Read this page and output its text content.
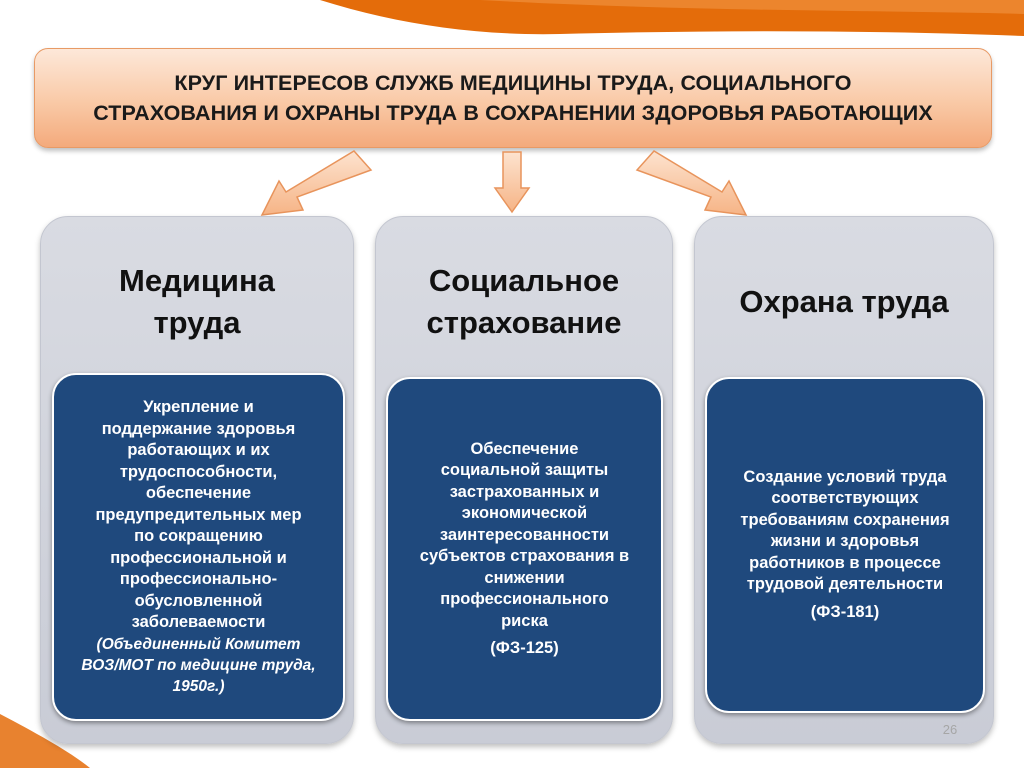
КРУГ ИНТЕРЕСОВ СЛУЖБ МЕДИЦИНЫ ТРУДА, СОЦИАЛЬНОГО
СТРАХОВАНИЯ И ОХРАНЫ ТРУДА В СОХРАНЕНИИ ЗДОРОВЬЯ РАБОТАЮЩИХ
Медицина
труда
Укрепление и
поддержание здоровья
работающих и их
трудоспособности,
обеспечение
предупредительных мер
по сокращению
профессиональной и
профессионально-
обусловленной
заболеваемости
(Объединенный Комитет
ВОЗ/МОТ по медицине труда,
1950г.)
Социальное
страхование
Обеспечение
социальной защиты
застрахованных и
экономической
заинтересованности
субъектов страхования в
снижении
профессионального
риска
(ФЗ-125)
Охрана труда
Создание условий труда
соответствующих
требованиям сохранения
жизни и здоровья
работников в процессе
трудовой деятельности
(ФЗ-181)
26
